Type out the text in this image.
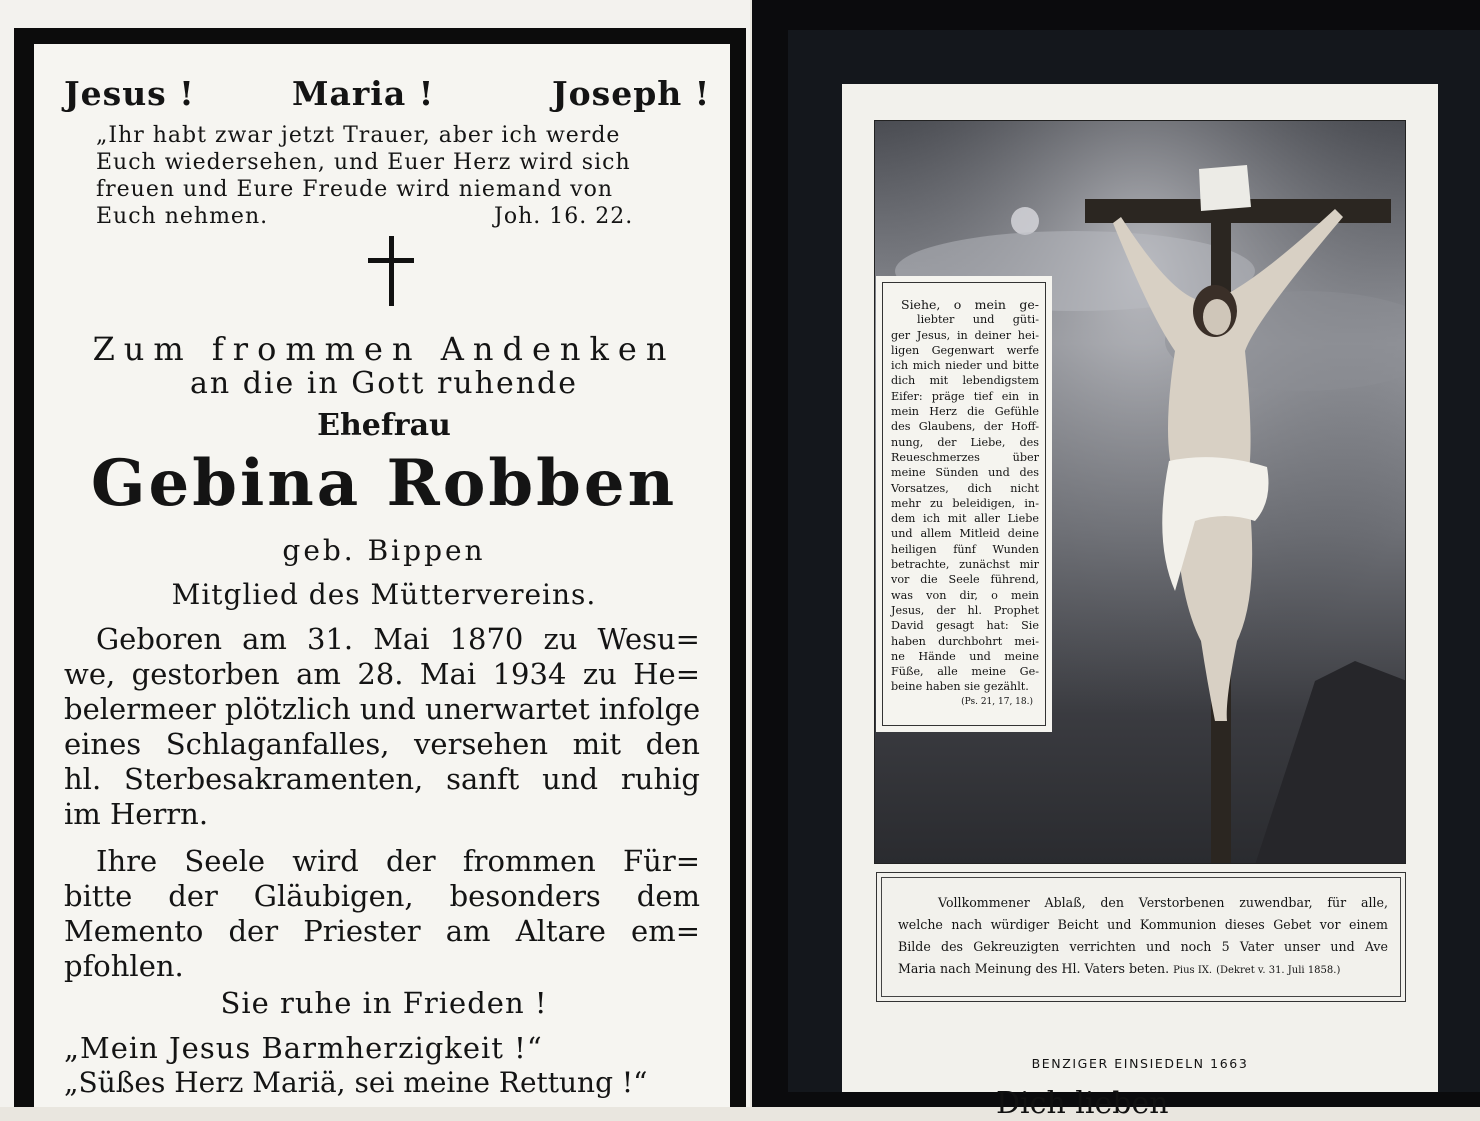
Jesus !	Maria !	Joseph !
„Ihr habt zwar jetzt Trauer, aber ich werde
Euch wiedersehen, und Euer Herz wird sich
freuen und Eure Freude wird niemand von
Euch nehmen.	Joh. 16. 22.
Zum frommen Andenken
an die in Gott ruhende
Ehefrau
Gebina Robben
geb. Bippen
Mitglied des Müttervereins.
Geboren am 31. Mai 1870 zu Wesu=
we, gestorben am 28. Mai 1934 zu He=
belermeer plötzlich und unerwartet infolge
eines Schlaganfalles, versehen mit den
hl. Sterbesakramenten, sanft und ruhig
im Herrn.
Ihre Seele wird der frommen Für=
bitte der Gläubigen, besonders dem
Memento der Priester am Altare em=
pfohlen.
Sie ruhe in Frieden !
„Mein Jesus Barmherzigkeit !“
„Süßes Herz Mariä, sei meine Rettung !“
Siehe, o mein ge-
liebter und güti-
ger Jesus, in deiner hei-
ligen Gegenwart werfe
ich mich nieder und bitte
dich mit lebendigstem
Eifer: präge tief ein in
mein Herz die Gefühle
des Glaubens, der Hoff-
nung, der Liebe, des
Reueschmerzes über
meine Sünden und des
Vorsatzes, dich nicht
mehr zu beleidigen, in-
dem ich mit aller Liebe
und allem Mitleid deine
heiligen fünf Wunden
betrachte, zunächst mir
vor die Seele führend,
was von dir, o mein
Jesus, der hl. Prophet
David gesagt hat: Sie
haben durchbohrt mei-
ne Hände und meine
Füße, alle meine Ge-
beine haben sie gezählt.
(Ps. 21, 17, 18.)
Vollkommener Ablaß, den Verstorbenen zuwendbar, für alle,
welche nach würdiger Beicht und Kommunion dieses Gebet vor einem
Bilde des Gekreuzigten verrichten und noch 5 Vater unser und Ave
Maria nach Meinung des Hl. Vaters beten. Pius IX. (Dekret v. 31. Juli 1858.)
BENZIGER EINSIEDELN 1663
Dich lieben
